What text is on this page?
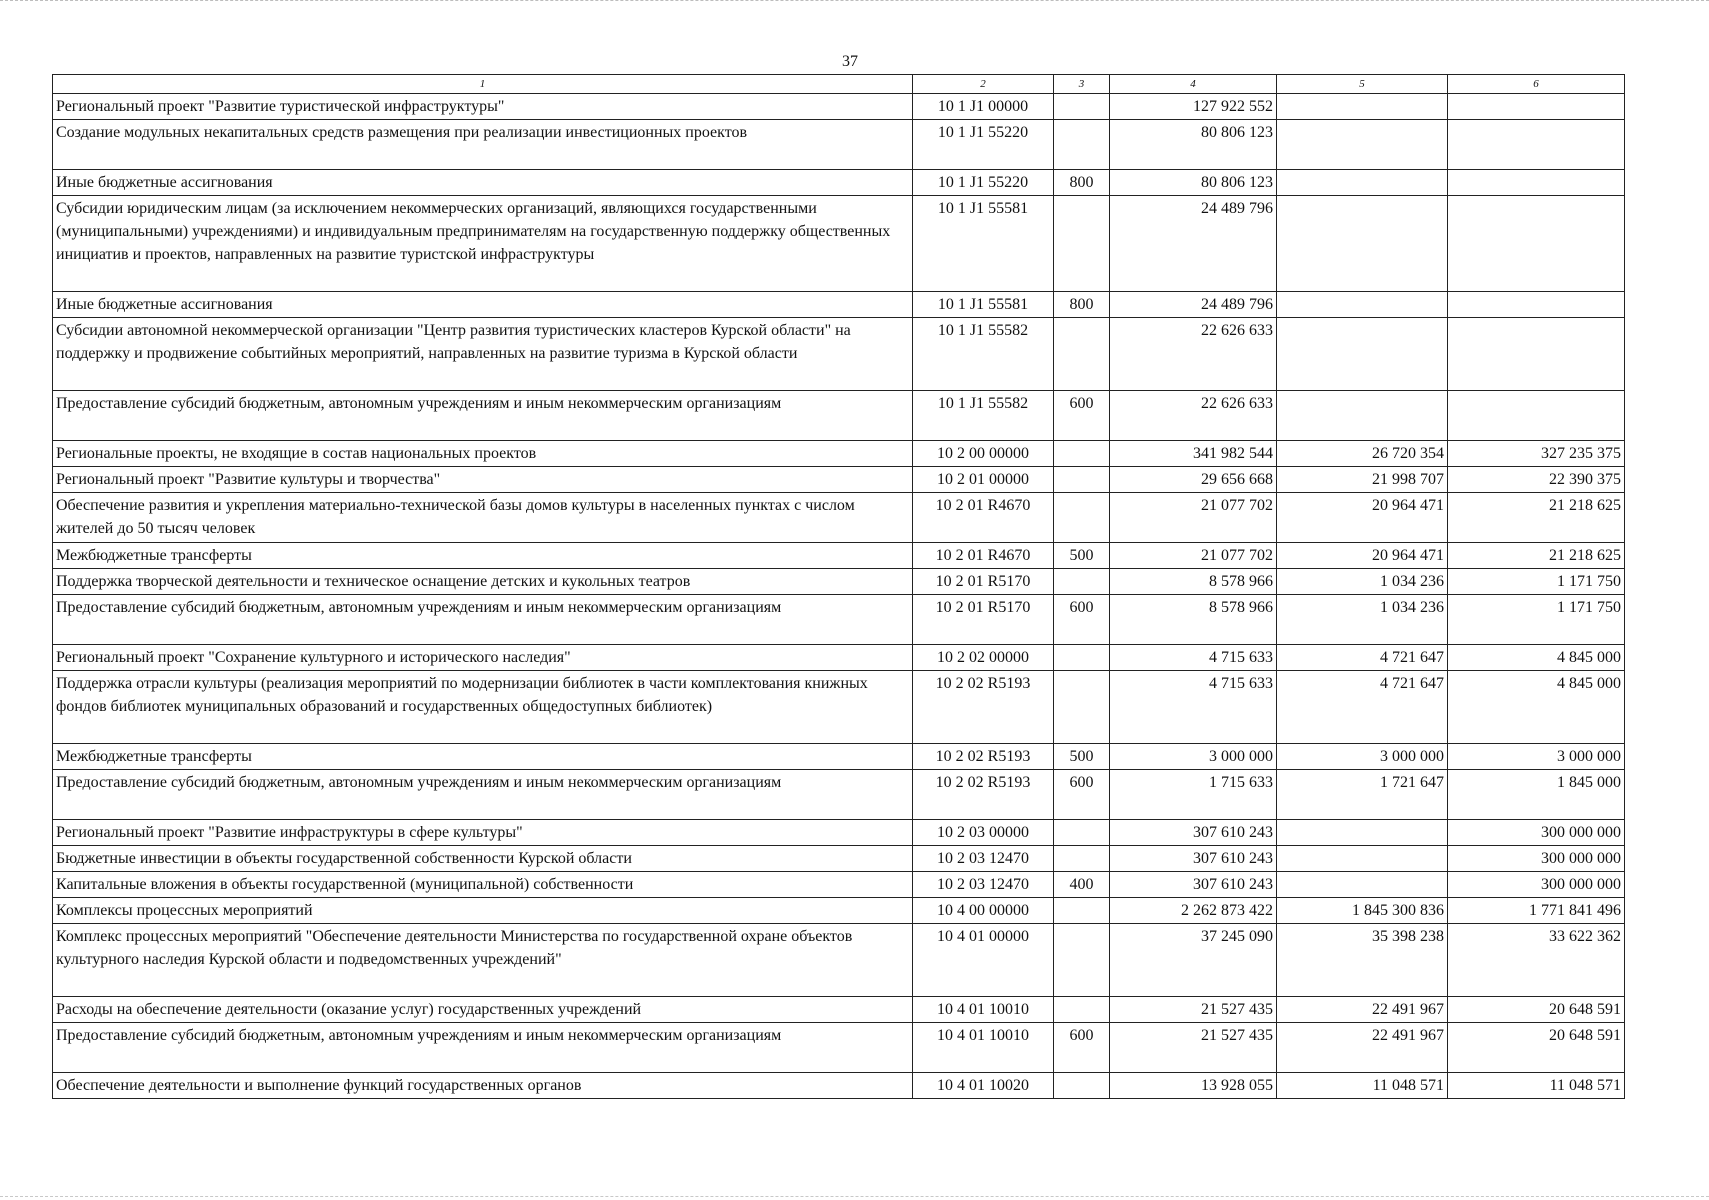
37
1	2	3	4	5	6
Региональный проект "Развитие туристической инфраструктуры"	10 1 J1 00000		127 922 552		
Создание модульных некапитальных средств размещения при реализации инвестиционных проектов	10 1 J1 55220		80 806 123		
Иные бюджетные ассигнования	10 1 J1 55220	800	80 806 123		
Субсидии юридическим лицам (за исключением некоммерческих организаций, являющихся государственными (муниципальными) учреждениями) и индивидуальным предпринимателям на государственную поддержку общественных инициатив и проектов, направленных на развитие туристской инфраструктуры	10 1 J1 55581		24 489 796		
Иные бюджетные ассигнования	10 1 J1 55581	800	24 489 796		
Субсидии автономной некоммерческой организации "Центр развития туристических кластеров Курской области" на поддержку и продвижение событийных мероприятий, направленных на развитие туризма в Курской области	10 1 J1 55582		22 626 633		
Предоставление субсидий бюджетным, автономным учреждениям и иным некоммерческим организациям	10 1 J1 55582	600	22 626 633		
Региональные проекты, не входящие в состав национальных проектов	10 2 00 00000		341 982 544	26 720 354	327 235 375
Региональный проект "Развитие культуры и творчества"	10 2 01 00000		29 656 668	21 998 707	22 390 375
Обеспечение развития и укрепления материально-технической базы домов культуры в населенных пунктах с числом жителей до 50 тысяч человек	10 2 01 R4670		21 077 702	20 964 471	21 218 625
Межбюджетные трансферты	10 2 01 R4670	500	21 077 702	20 964 471	21 218 625
Поддержка творческой деятельности и техническое оснащение детских и кукольных театров	10 2 01 R5170		8 578 966	1 034 236	1 171 750
Предоставление субсидий бюджетным, автономным учреждениям и иным некоммерческим организациям	10 2 01 R5170	600	8 578 966	1 034 236	1 171 750
Региональный проект "Сохранение культурного и исторического наследия"	10 2 02 00000		4 715 633	4 721 647	4 845 000
Поддержка отрасли культуры (реализация мероприятий по модернизации библиотек в части комплектования книжных фондов библиотек муниципальных образований и государственных общедоступных библиотек)	10 2 02 R5193		4 715 633	4 721 647	4 845 000
Межбюджетные трансферты	10 2 02 R5193	500	3 000 000	3 000 000	3 000 000
Предоставление субсидий бюджетным, автономным учреждениям и иным некоммерческим организациям	10 2 02 R5193	600	1 715 633	1 721 647	1 845 000
Региональный проект "Развитие инфраструктуры в сфере культуры"	10 2 03 00000		307 610 243		300 000 000
Бюджетные инвестиции в объекты государственной собственности Курской области	10 2 03 12470		307 610 243		300 000 000
Капитальные вложения в объекты государственной (муниципальной) собственности	10 2 03 12470	400	307 610 243		300 000 000
Комплексы процессных мероприятий	10 4 00 00000		2 262 873 422	1 845 300 836	1 771 841 496
Комплекс процессных мероприятий "Обеспечение деятельности Министерства по государственной охране объектов культурного наследия Курской области и подведомственных учреждений"	10 4 01 00000		37 245 090	35 398 238	33 622 362
Расходы на обеспечение деятельности (оказание услуг) государственных учреждений	10 4 01 10010		21 527 435	22 491 967	20 648 591
Предоставление субсидий бюджетным, автономным учреждениям и иным некоммерческим организациям	10 4 01 10010	600	21 527 435	22 491 967	20 648 591
Обеспечение деятельности и выполнение функций государственных органов	10 4 01 10020		13 928 055	11 048 571	11 048 571
